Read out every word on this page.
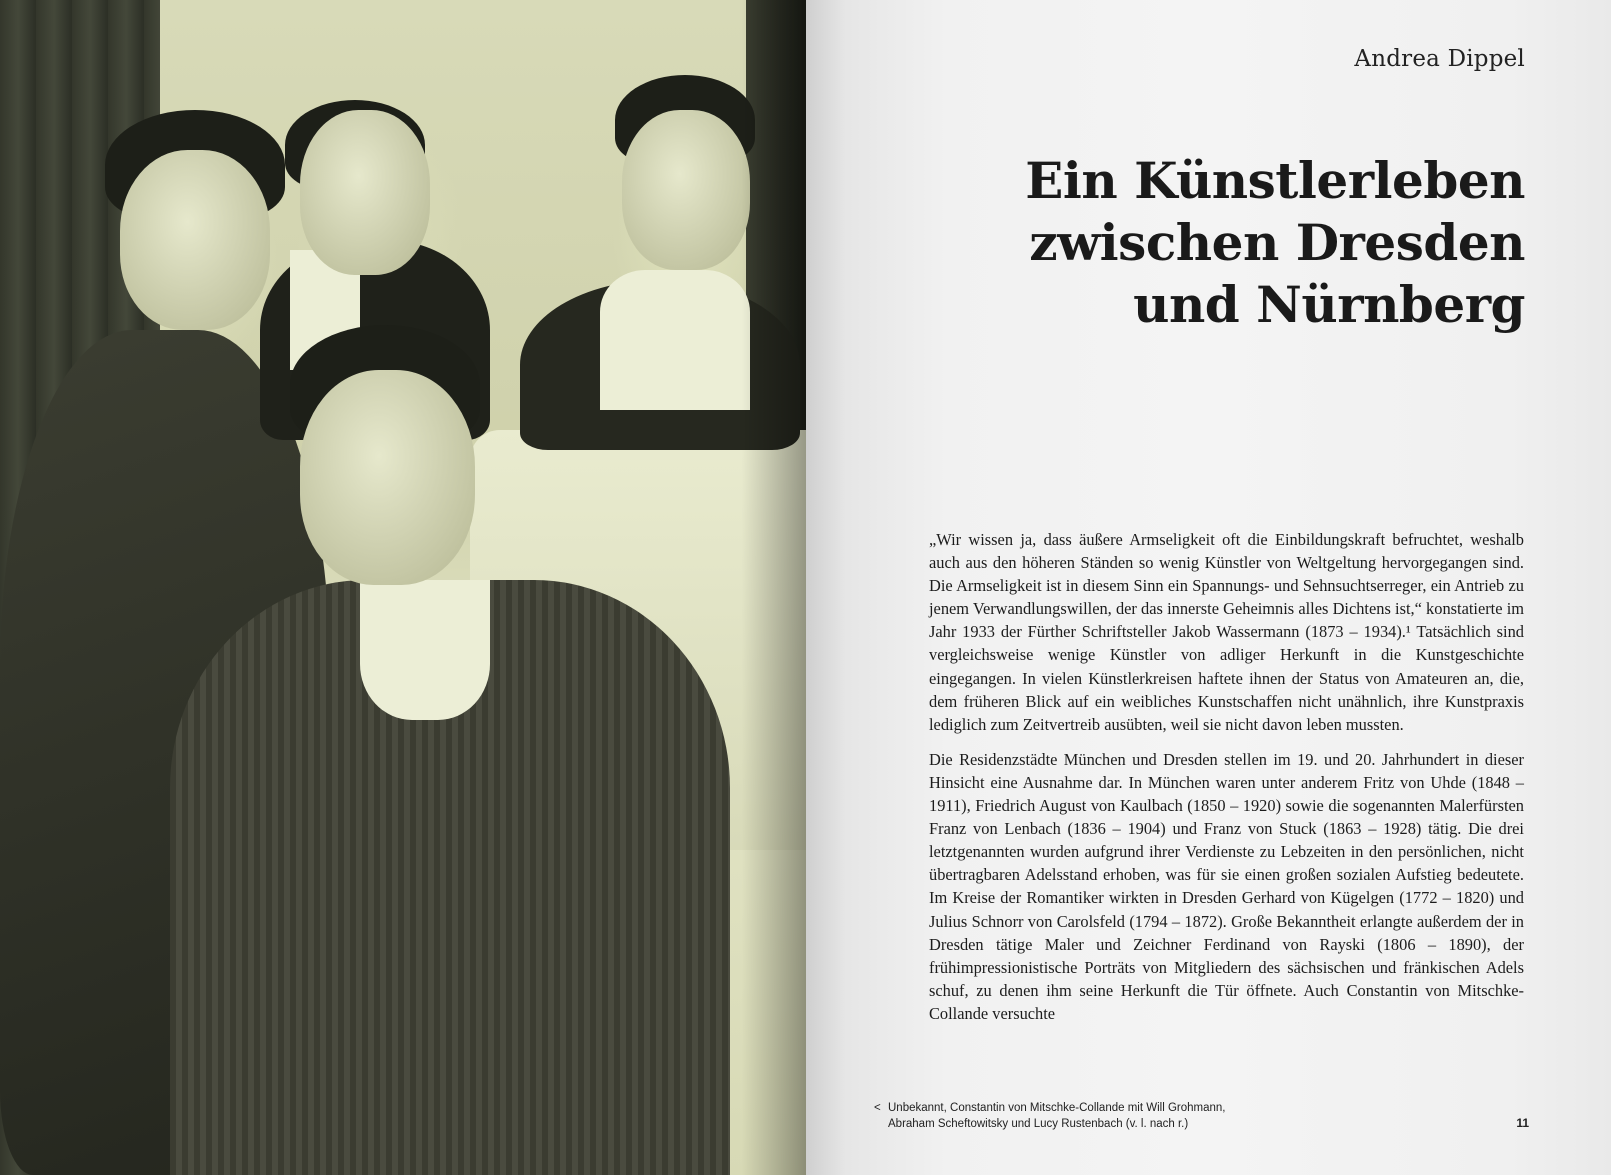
Andrea Dippel
Ein Künstlerleben
zwischen Dresden
und Nürnberg

„Wir wissen ja, dass äußere Armseligkeit oft die Einbildungskraft befruchtet, weshalb auch aus den höheren Ständen so wenig Künstler von Weltgeltung hervorgegangen sind. Die Armseligkeit ist in diesem Sinn ein Spannungs- und Sehnsuchtserreger, ein Antrieb zu jenem Verwandlungswillen, der das innerste Geheimnis alles Dichtens ist,“ konstatierte im Jahr 1933 der Fürther Schriftsteller Jakob Wassermann (1873 – 1934).¹ Tatsächlich sind vergleichsweise wenige Künstler von adliger Herkunft in die Kunstgeschichte eingegangen. In vielen Künstlerkreisen haftete ihnen der Status von Amateuren an, die, dem früheren Blick auf ein weibliches Kunstschaffen nicht unähnlich, ihre Kunstpraxis lediglich zum Zeitvertreib ausübten, weil sie nicht davon leben mussten.

Die Residenzstädte München und Dresden stellen im 19. und 20. Jahrhundert in dieser Hinsicht eine Ausnahme dar. In München waren unter anderem Fritz von Uhde (1848 – 1911), Friedrich August von Kaulbach (1850 – 1920) sowie die sogenannten Malerfürsten Franz von Lenbach (1836 – 1904) und Franz von Stuck (1863 – 1928) tätig. Die drei letztgenannten wurden aufgrund ihrer Verdienste zu Lebzeiten in den persönlichen, nicht übertragbaren Adelsstand erhoben, was für sie einen großen sozialen Aufstieg bedeutete. Im Kreise der Romantiker wirkten in Dresden Gerhard von Kügelgen (1772 – 1820) und Julius Schnorr von Carolsfeld (1794 – 1872). Große Bekanntheit erlangte außerdem der in Dresden tätige Maler und Zeichner Ferdinand von Rayski (1806 – 1890), der frühimpressionistische Porträts von Mitgliedern des sächsischen und fränkischen Adels schuf, zu denen ihm seine Herkunft die Tür öffnete. Auch Constantin von Mitschke-Collande versuchte

< Unbekannt, Constantin von Mitschke-Collande mit Will Grohmann,
Abraham Scheftowitsky und Lucy Rustenbach (v. l. nach r.)	11
